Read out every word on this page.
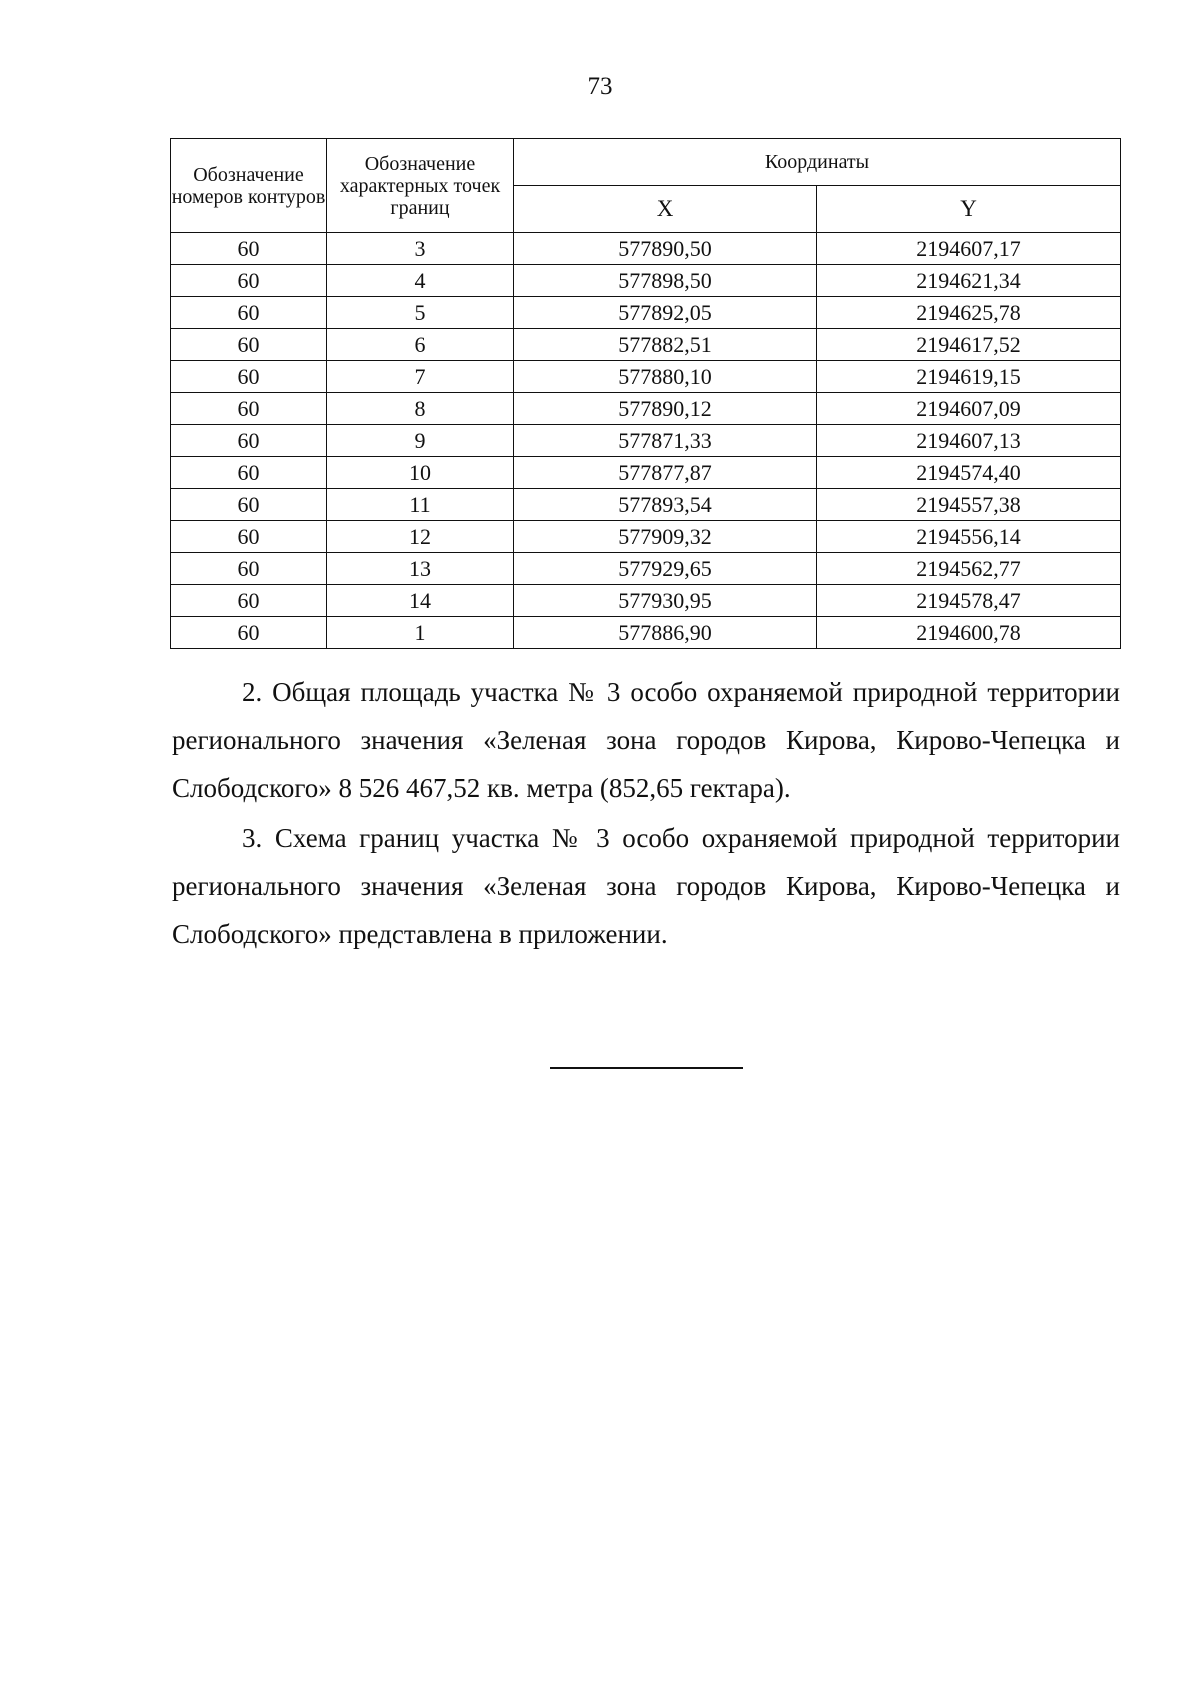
73
Обозначение номеров контуров	Обозначение характерных точек границ	Координаты	
		X	Y
60	3	577890,50	2194607,17
60	4	577898,50	2194621,34
60	5	577892,05	2194625,78
60	6	577882,51	2194617,52
60	7	577880,10	2194619,15
60	8	577890,12	2194607,09
60	9	577871,33	2194607,13
60	10	577877,87	2194574,40
60	11	577893,54	2194557,38
60	12	577909,32	2194556,14
60	13	577929,65	2194562,77
60	14	577930,95	2194578,47
60	1	577886,90	2194600,78

2. Общая площадь участка № 3 особо охраняемой природной территории регионального значения «Зеленая зона городов Кирова, Кирово-Чепецка и Слободского» 8 526 467,52 кв. метра (852,65 гектара).

3. Схема границ участка № 3 особо охраняемой природной территории регионального значения «Зеленая зона городов Кирова, Кирово-Чепецка и Слободского» представлена в приложении.
